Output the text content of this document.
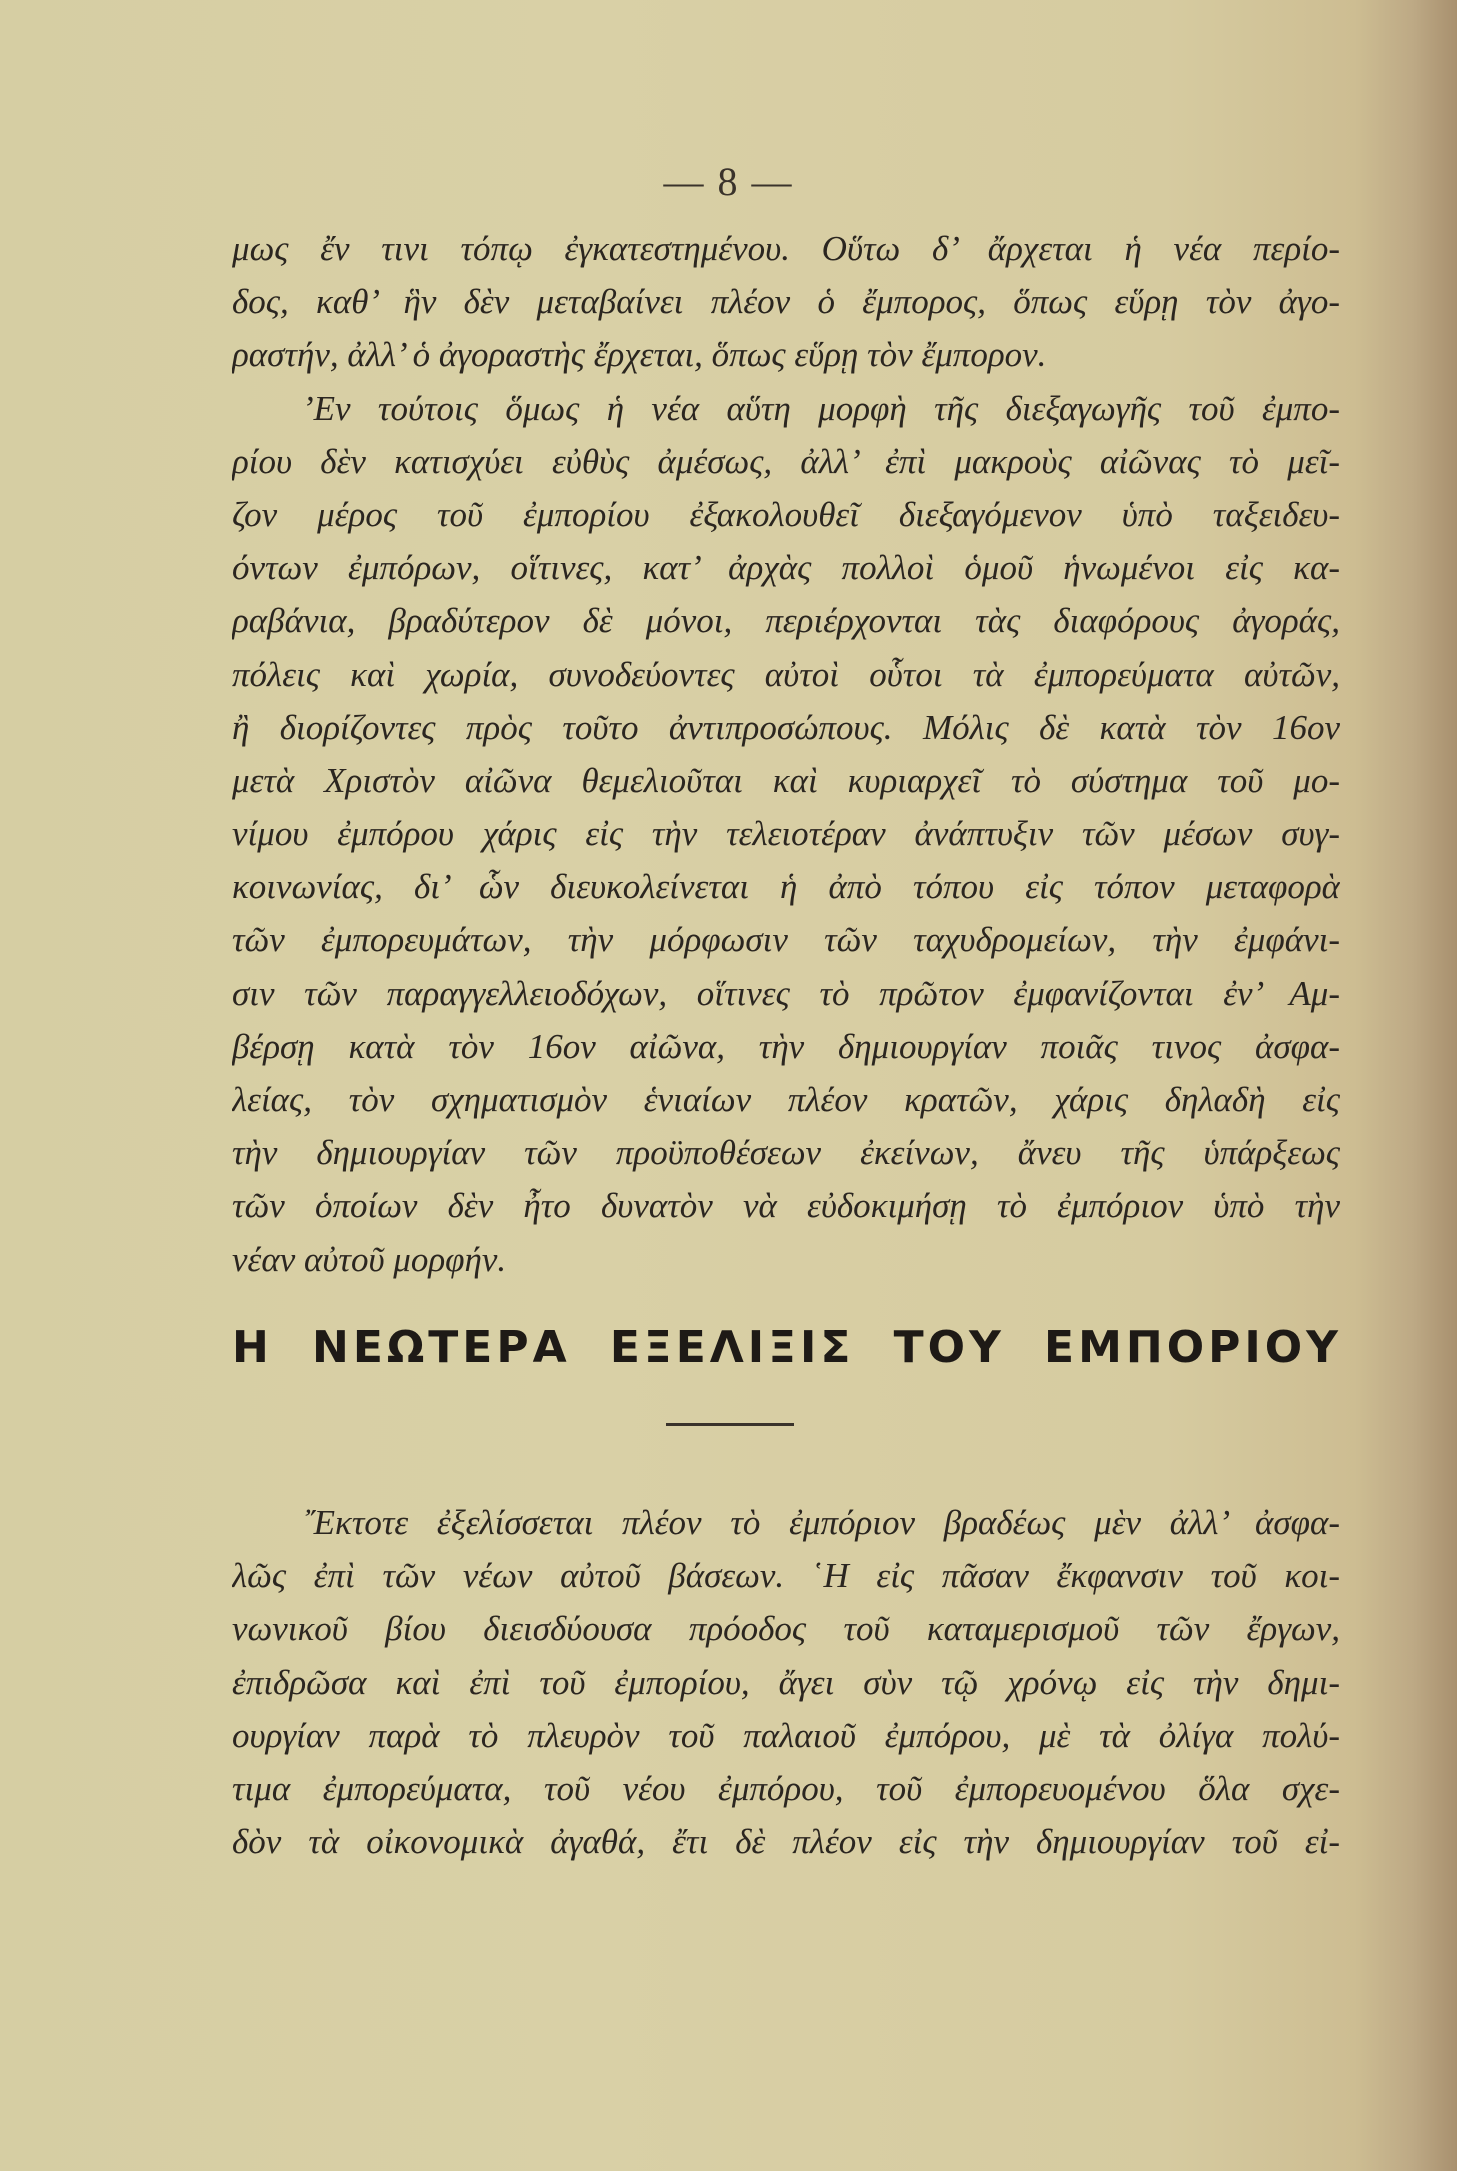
— 8 —
μως ἔν τινι τόπῳ ἐγκατεστημένου. Οὕτω δ’ ἄρχεται ἡ νέα περίο-
δος, καθ’ ἣν δὲν μεταβαίνει πλέον ὁ ἔμπορος, ὅπως εὕρῃ τὸν ἀγο-
ραστήν, ἀλλ’ ὁ ἀγοραστὴς ἔρχεται, ὅπως εὕρῃ τὸν ἔμπορον.
’Εν τούτοις ὅμως ἡ νέα αὕτη μορφὴ τῆς διεξαγωγῆς τοῦ ἐμπο-
ρίου δὲν κατισχύει εὐθὺς ἀμέσως, ἀλλ’ ἐπὶ μακροὺς αἰῶνας τὸ μεῖ-
ζον μέρος τοῦ ἐμπορίου ἐξακολουθεῖ διεξαγόμενον ὑπὸ ταξειδευ-
όντων ἐμπόρων, οἵτινες, κατ’ ἀρχὰς πολλοὶ ὁμοῦ ἡνωμένοι εἰς κα-
ραβάνια, βραδύτερον δὲ μόνοι, περιέρχονται τὰς διαφόρους ἀγοράς,
πόλεις καὶ χωρία, συνοδεύοντες αὐτοὶ οὗτοι τὰ ἐμπορεύματα αὐτῶν,
ἢ διορίζοντες πρὸς τοῦτο ἀντιπροσώπους. Μόλις δὲ κατὰ τὸν 16ον
μετὰ Χριστὸν αἰῶνα θεμελιοῦται καὶ κυριαρχεῖ τὸ σύστημα τοῦ μο-
νίμου ἐμπόρου χάρις εἰς τὴν τελειοτέραν ἀνάπτυξιν τῶν μέσων συγ-
κοινωνίας, δι’ ὧν διευκολείνεται ἡ ἀπὸ τόπου εἰς τόπον μεταφορὰ
τῶν ἐμπορευμάτων, τὴν μόρφωσιν τῶν ταχυδρομείων, τὴν ἐμφάνι-
σιν τῶν παραγγελλειοδόχων, οἵτινες τὸ πρῶτον ἐμφανίζονται ἐν’ Αμ-
βέρσῃ κατὰ τὸν 16ον αἰῶνα, τὴν δημιουργίαν ποιᾶς τινος ἀσφα-
λείας, τὸν σχηματισμὸν ἑνιαίων πλέον κρατῶν, χάρις δηλαδὴ εἰς
τὴν δημιουργίαν τῶν προϋποθέσεων ἐκείνων, ἄνευ τῆς ὑπάρξεως
τῶν ὁποίων δὲν ἦτο δυνατὸν νὰ εὐδοκιμήσῃ τὸ ἐμπόριον ὑπὸ τὴν
νέαν αὐτοῦ μορφήν.
Η ΝΕΩΤΕΡΑ ΕΞΕΛΙΞΙΣ ΤΟΥ ΕΜΠΟΡΙΟΥ
῎Εκτοτε ἐξελίσσεται πλέον τὸ ἐμπόριον βραδέως μὲν ἀλλ’ ἀσφα-
λῶς ἐπὶ τῶν νέων αὐτοῦ βάσεων. ῾Η εἰς πᾶσαν ἔκφανσιν τοῦ κοι-
νωνικοῦ βίου διεισδύουσα πρόοδος τοῦ καταμερισμοῦ τῶν ἔργων,
ἐπιδρῶσα καὶ ἐπὶ τοῦ ἐμπορίου, ἄγει σὺν τῷ χρόνῳ εἰς τὴν δημι-
ουργίαν παρὰ τὸ πλευρὸν τοῦ παλαιοῦ ἐμπόρου, μὲ τὰ ὀλίγα πολύ-
τιμα ἐμπορεύματα, τοῦ νέου ἐμπόρου, τοῦ ἐμπορευομένου ὅλα σχε-
δὸν τὰ οἰκονομικὰ ἀγαθά, ἔτι δὲ πλέον εἰς τὴν δημιουργίαν τοῦ εἰ-
